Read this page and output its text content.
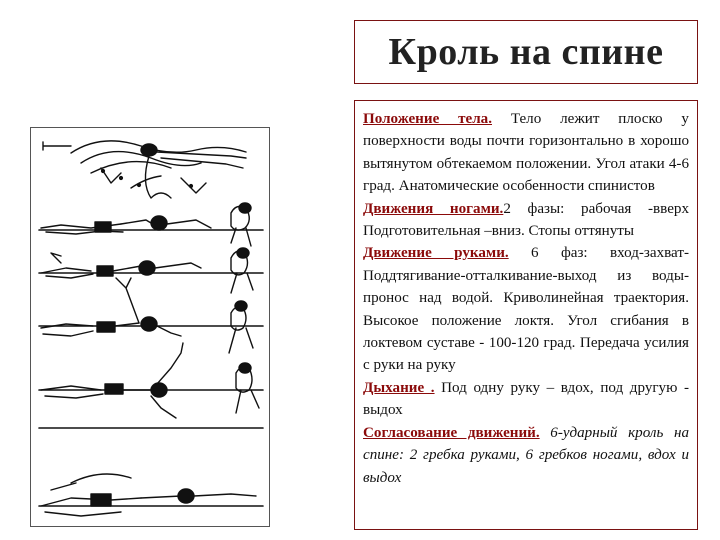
Кроль на спине

Положение тела. Тело лежит плоско у поверхности воды почти горизонтально в хорошо вытянутом обтекаемом положении. Угол атаки 4-6 град. Анатомические особенности спинистов

Движения ногами.2 фазы: рабочая -вверх Подготовительная –вниз. Стопы оттянуты

Движение руками. 6 фаз: вход-захват-Поддтягивание-отталкивание-выход из воды-пронос над водой. Криволинейная траектория. Высокое положение локтя. Угол сгибания в локтевом суставе - 100-120 град. Передача усилия с руки на руку

Дыхание . Под одну руку – вдох, под другую - выдох

Согласование движений. 6-ударный кроль на спине: 2 гребка руками, 6 гребков ногами, вдох и выдох
